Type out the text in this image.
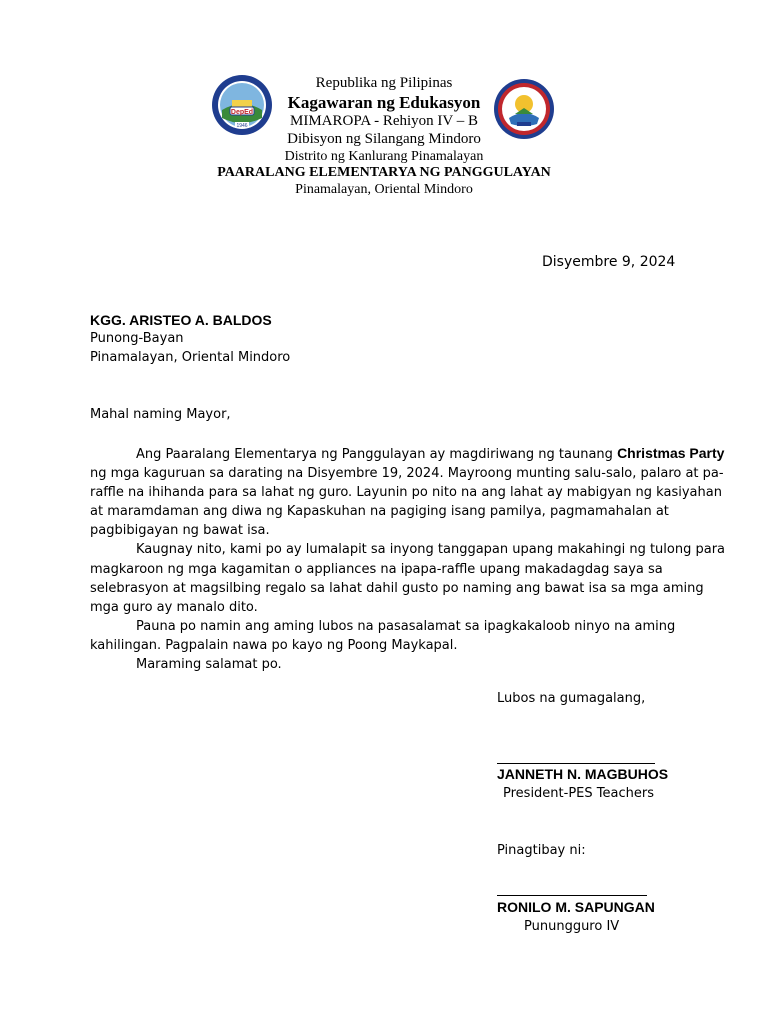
DepEd
1946
Republika ng Pilipinas
Kagawaran ng Edukasyon
MIMAROPA - Rehiyon IV – B
Dibisyon ng Silangang Mindoro
Distrito ng Kanlurang Pinamalayan
PAARALANG ELEMENTARYA NG PANGGULAYAN
Pinamalayan, Oriental Mindoro
Disyembre 9, 2024
KGG. ARISTEO A. BALDOS
Punong-Bayan
Pinamalayan, Oriental Mindoro
Mahal naming Mayor,

Ang Paaralang Elementarya ng Panggulayan ay magdiriwang ng taunang Christmas Party ng mga kaguruan sa darating na Disyembre 19, 2024. Mayroong munting salu-salo, palaro at pa-raffle na ihihanda para sa lahat ng guro. Layunin po nito na ang lahat ay mabigyan ng kasiyahan at maramdaman ang diwa ng Kapaskuhan na pagiging isang pamilya, pagmamahalan at pagbibigayan ng bawat isa.

Kaugnay nito, kami po ay lumalapit sa inyong tanggapan upang makahingi ng tulong para magkaroon ng mga kagamitan o appliances na ipapa-raffle upang makadagdag saya sa selebrasyon at magsilbing regalo sa lahat dahil gusto po naming ang bawat isa sa mga aming mga guro ay manalo dito.

Pauna po namin ang aming lubos na pasasalamat sa ipagkakaloob ninyo na aming kahilingan. Pagpalain nawa po kayo ng Poong Maykapal.

Maraming salamat po.

Lubos na gumagalang,
JANNETH N. MAGBUHOS
President-PES Teachers
Pinagtibay ni:
RONILO M. SAPUNGAN
Punungguro IV
